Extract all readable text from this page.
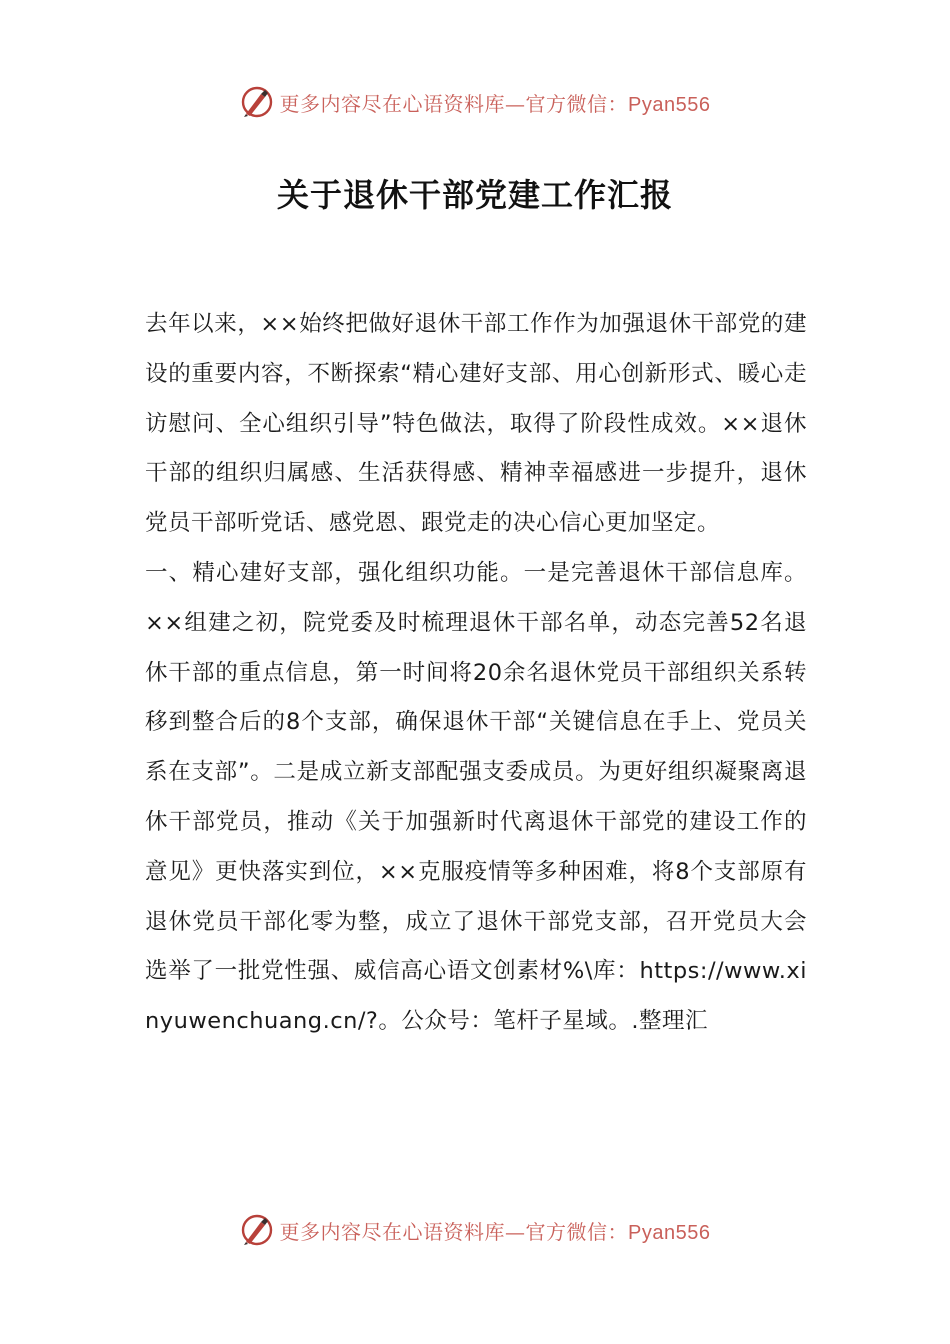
更多内容尽在心语资料库—官方微信：Pyan556
关于退休干部党建工作汇报

去年以来，××始终把做好退休干部工作作为加强退休干部党的建设的重要内容，不断探索“精心建好支部、用心创新形式、暖心走访慰问、全心组织引导”特色做法，取得了阶段性成效。××退休干部的组织归属感、生活获得感、精神幸福感进一步提升，退休党员干部听党话、感党恩、跟党走的决心信心更加坚定。

一、精心建好支部，强化组织功能。一是完善退休干部信息库。××组建之初，院党委及时梳理退休干部名单，动态完善52名退休干部的重点信息，第一时间将20余名退休党员干部组织关系转移到整合后的8个支部，确保退休干部“关键信息在手上、党员关系在支部”。二是成立新支部配强支委成员。为更好组织凝聚离退休干部党员，推动《关于加强新时代离退休干部党的建设工作的意见》更快落实到位，××克服疫情等多种困难，将8个支部原有退休党员干部化零为整，成立了退休干部党支部，召开党员大会选举了一批党性强、威信高心语文创素材%\库：https://www.xinyuwenchuang.cn/?。公众号：笔杆子星域。.整理汇

更多内容尽在心语资料库—官方微信：Pyan556
